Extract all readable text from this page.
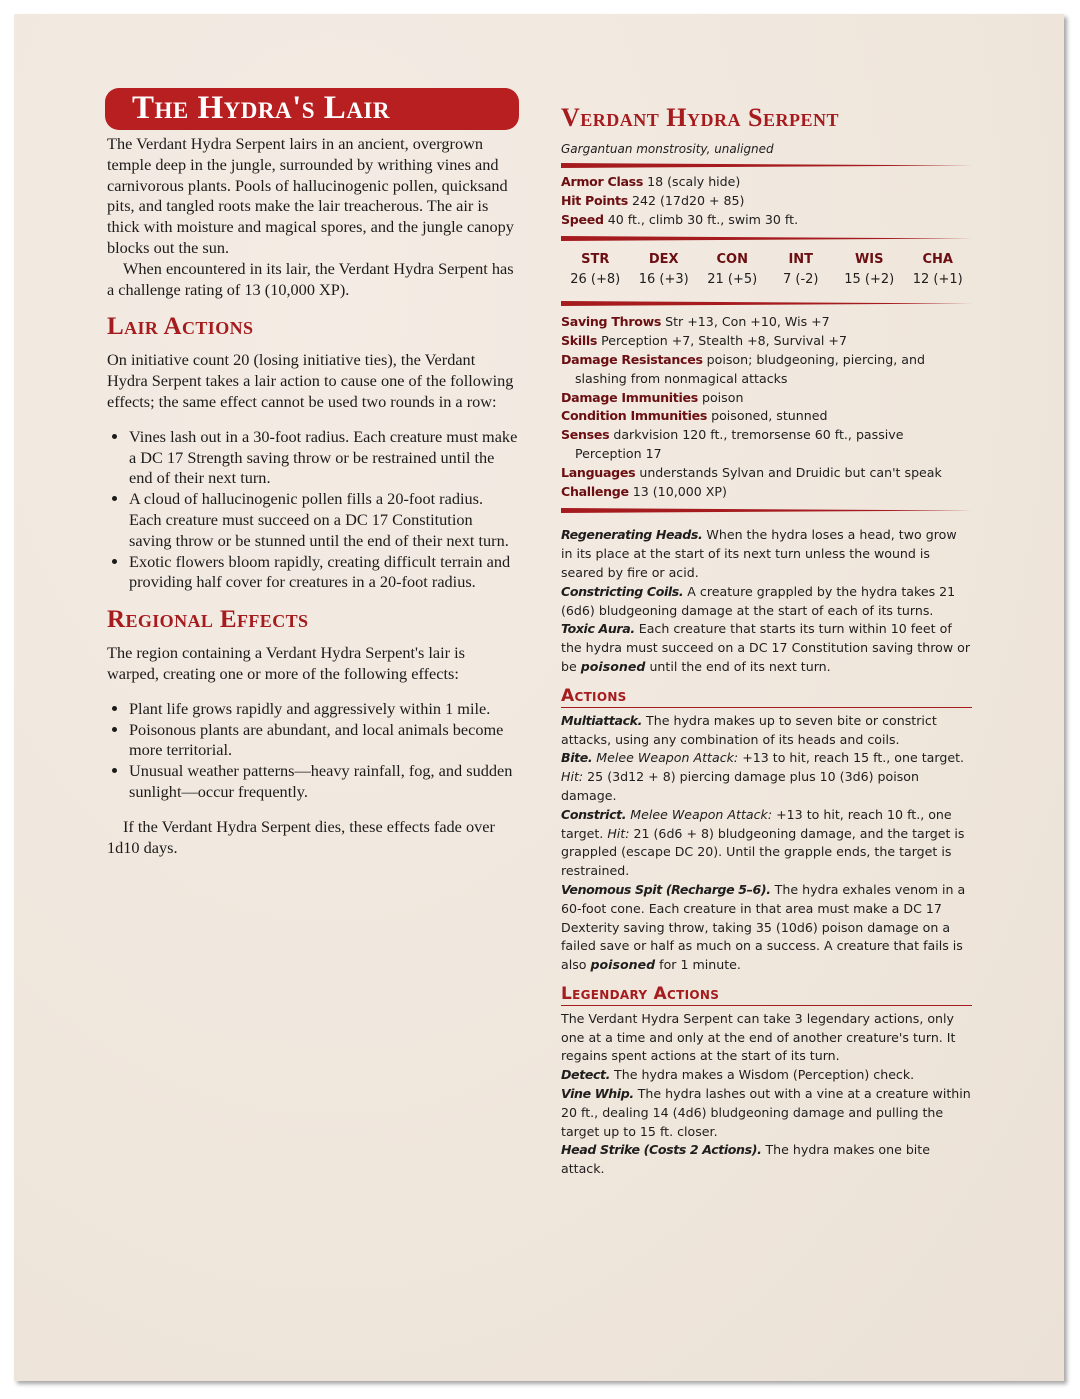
The Hydra's Lair

The Verdant Hydra Serpent lairs in an ancient, overgrown temple deep in the jungle, surrounded by writhing vines and carnivorous plants. Pools of hallucinogenic pollen, quicksand pits, and tangled roots make the lair treacherous. The air is thick with moisture and magical spores, and the jungle canopy blocks out the sun.

When encountered in its lair, the Verdant Hydra Serpent has a challenge rating of 13 (10,000 XP).

Lair Actions

On initiative count 20 (losing initiative ties), the Verdant Hydra Serpent takes a lair action to cause one of the following effects; the same effect cannot be used two rounds in a row:

• Vines lash out in a 30-foot radius. Each creature must make a DC 17 Strength saving throw or be restrained until the end of their next turn.
• A cloud of hallucinogenic pollen fills a 20-foot radius. Each creature must succeed on a DC 17 Constitution saving throw or be stunned until the end of their next turn.
• Exotic flowers bloom rapidly, creating difficult terrain and providing half cover for creatures in a 20-foot radius.
Regional Effects

The region containing a Verdant Hydra Serpent's lair is warped, creating one or more of the following effects:

• Plant life grows rapidly and aggressively within 1 mile.
• Poisonous plants are abundant, and local animals become more territorial.
• Unusual weather patterns—heavy rainfall, fog, and sudden sunlight—occur frequently.

If the Verdant Hydra Serpent dies, these effects fade over 1d10 days.

Verdant Hydra Serpent
Gargantuan monstrosity, unaligned
Armor Class 18 (scaly hide)
Hit Points 242 (17d20 + 85)
Speed 40 ft., climb 30 ft., swim 30 ft.
STR
26 (+8)
DEX
16 (+3)
CON
21 (+5)
INT
7 (-2)
WIS
15 (+2)
CHA
12 (+1)
Saving Throws Str +13, Con +10, Wis +7
Skills Perception +7, Stealth +8, Survival +7
Damage Resistances poison; bludgeoning, piercing, and slashing from nonmagical attacks
Damage Immunities poison
Condition Immunities poisoned, stunned
Senses darkvision 120 ft., tremorsense 60 ft., passive Perception 17
Languages understands Sylvan and Druidic but can't speak
Challenge 13 (10,000 XP)

Regenerating Heads. When the hydra loses a head, two grow in its place at the start of its next turn unless the wound is seared by fire or acid.

Constricting Coils. A creature grappled by the hydra takes 21 (6d6) bludgeoning damage at the start of each of its turns.

Toxic Aura. Each creature that starts its turn within 10 feet of the hydra must succeed on a DC 17 Constitution saving throw or be poisoned until the end of its next turn.

Actions

Multiattack. The hydra makes up to seven bite or constrict attacks, using any combination of its heads and coils.

Bite. Melee Weapon Attack: +13 to hit, reach 15 ft., one target. Hit: 25 (3d12 + 8) piercing damage plus 10 (3d6) poison damage.

Constrict. Melee Weapon Attack: +13 to hit, reach 10 ft., one target. Hit: 21 (6d6 + 8) bludgeoning damage, and the target is grappled (escape DC 20). Until the grapple ends, the target is restrained.

Venomous Spit (Recharge 5–6). The hydra exhales venom in a 60-foot cone. Each creature in that area must make a DC 17 Dexterity saving throw, taking 35 (10d6) poison damage on a failed save or half as much on a success. A creature that fails is also poisoned for 1 minute.

Legendary Actions

The Verdant Hydra Serpent can take 3 legendary actions, only one at a time and only at the end of another creature's turn. It regains spent actions at the start of its turn.

Detect. The hydra makes a Wisdom (Perception) check.

Vine Whip. The hydra lashes out with a vine at a creature within 20 ft., dealing 14 (4d6) bludgeoning damage and pulling the target up to 15 ft. closer.

Head Strike (Costs 2 Actions). The hydra makes one bite attack.
